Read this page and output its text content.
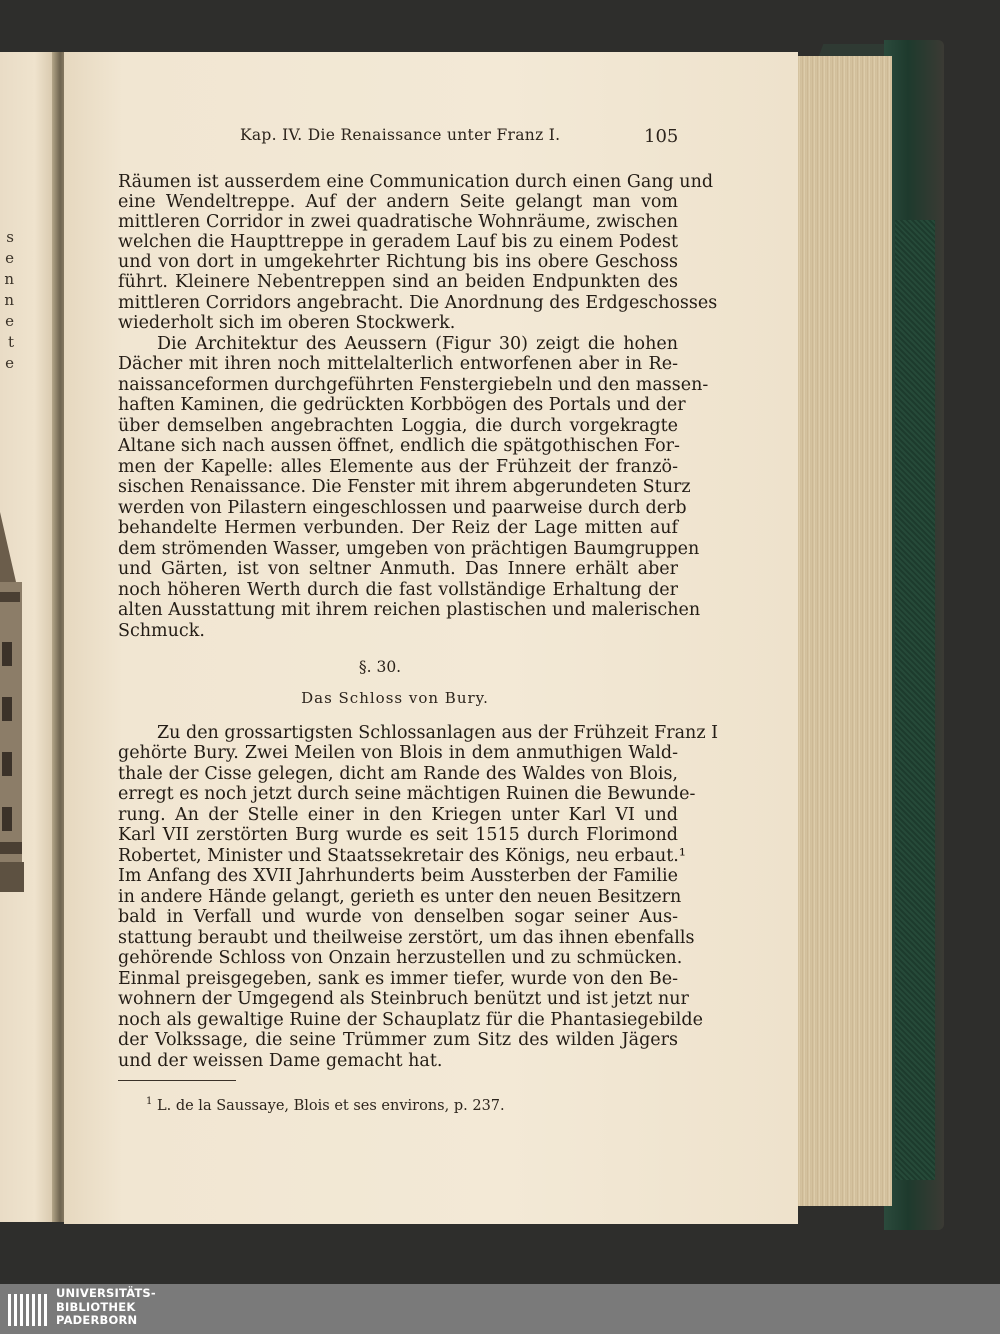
s
e
n
n
e
t
e
Kap. IV. Die Renaissance unter Franz I.	105
Räumen ist ausserdem eine Communication durch einen Gang und
eine Wendeltreppe. Auf der andern Seite gelangt man vom
mittleren Corridor in zwei quadratische Wohnräume, zwischen
welchen die Haupttreppe in geradem Lauf bis zu einem Podest
und von dort in umgekehrter Richtung bis ins obere Geschoss
führt. Kleinere Nebentreppen sind an beiden Endpunkten des
mittleren Corridors angebracht. Die Anordnung des Erdgeschosses
wiederholt sich im oberen Stockwerk.
Die Architektur des Aeussern (Figur 30) zeigt die hohen
Dächer mit ihren noch mittelalterlich entworfenen aber in Re-
naissanceformen durchgeführten Fenstergiebeln und den massen-
haften Kaminen, die gedrückten Korbbögen des Portals und der
über demselben angebrachten Loggia, die durch vorgekragte
Altane sich nach aussen öffnet, endlich die spätgothischen For-
men der Kapelle: alles Elemente aus der Frühzeit der franzö-
sischen Renaissance. Die Fenster mit ihrem abgerundeten Sturz
werden von Pilastern eingeschlossen und paarweise durch derb
behandelte Hermen verbunden. Der Reiz der Lage mitten auf
dem strömenden Wasser, umgeben von prächtigen Baumgruppen
und Gärten, ist von seltner Anmuth. Das Innere erhält aber
noch höheren Werth durch die fast vollständige Erhaltung der
alten Ausstattung mit ihrem reichen plastischen und malerischen
Schmuck.
§. 30.
Das Schloss von Bury.
Zu den grossartigsten Schlossanlagen aus der Frühzeit Franz I
gehörte Bury. Zwei Meilen von Blois in dem anmuthigen Wald-
thale der Cisse gelegen, dicht am Rande des Waldes von Blois,
erregt es noch jetzt durch seine mächtigen Ruinen die Bewunde-
rung. An der Stelle einer in den Kriegen unter Karl VI und
Karl VII zerstörten Burg wurde es seit 1515 durch Florimond
Robertet, Minister und Staatssekretair des Königs, neu erbaut.¹
Im Anfang des XVII Jahrhunderts beim Aussterben der Familie
in andere Hände gelangt, gerieth es unter den neuen Besitzern
bald in Verfall und wurde von denselben sogar seiner Aus-
stattung beraubt und theilweise zerstört, um das ihnen ebenfalls
gehörende Schloss von Onzain herzustellen und zu schmücken.
Einmal preisgegeben, sank es immer tiefer, wurde von den Be-
wohnern der Umgegend als Steinbruch benützt und ist jetzt nur
noch als gewaltige Ruine der Schauplatz für die Phantasiegebilde
der Volkssage, die seine Trümmer zum Sitz des wilden Jägers
und der weissen Dame gemacht hat.
$^1$ L. de la Saussaye, Blois et ses environs, p. 237.
UNIVERSITÄTS-
BIBLIOTHEK
PADERBORN
